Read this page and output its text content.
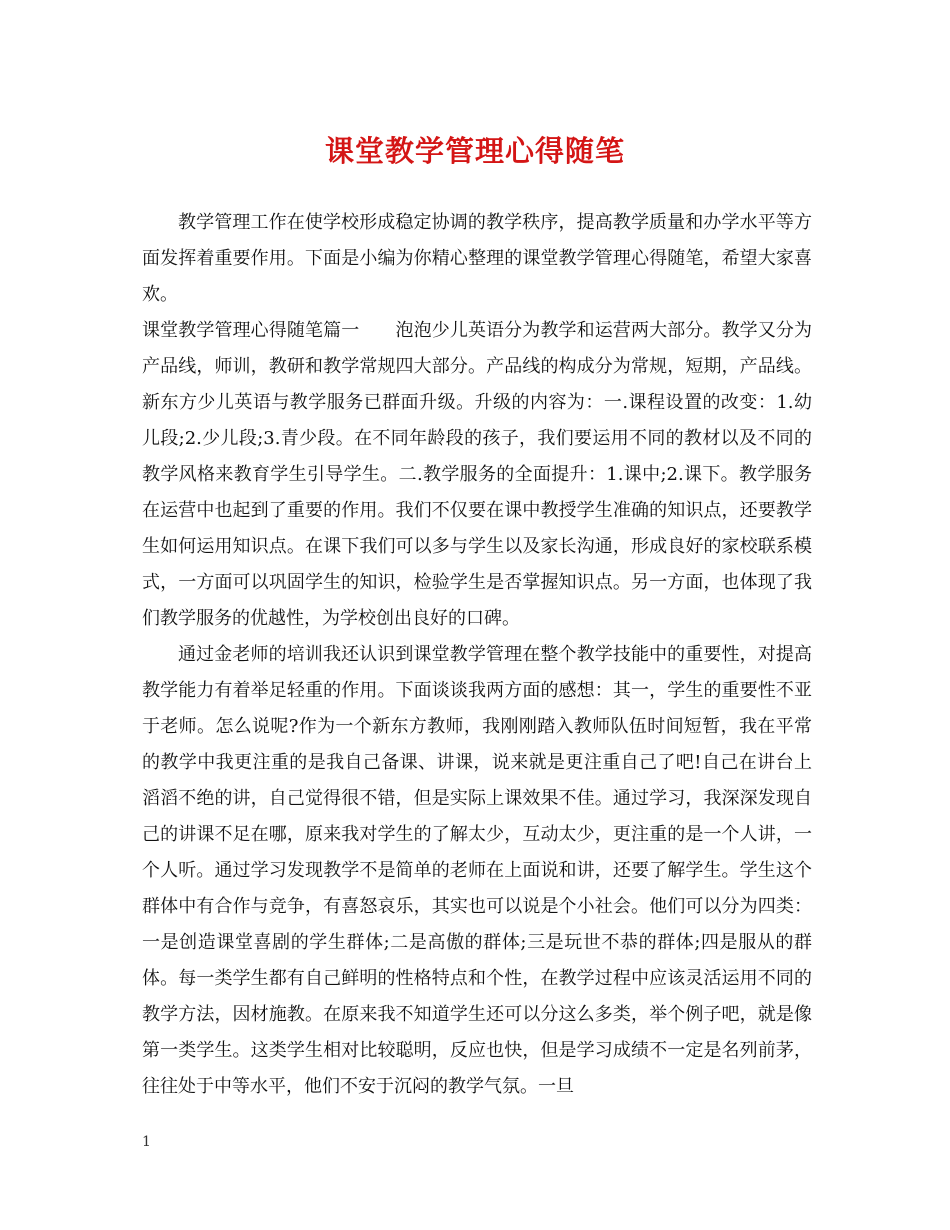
课堂教学管理心得随笔

教学管理工作在使学校形成稳定协调的教学秩序，提高教学质量和办学水平等方面发挥着重要作用。下面是小编为你精心整理的课堂教学管理心得随笔，希望大家喜欢。

课堂教学管理心得随笔篇一 泡泡少儿英语分为教学和运营两大部分。教学又分为产品线，师训，教研和教学常规四大部分。产品线的构成分为常规，短期，产品线。新东方少儿英语与教学服务已群面升级。升级的内容为：一.课程设置的改变：1.幼儿段;2.少儿段;3.青少段。在不同年龄段的孩子，我们要运用不同的教材以及不同的教学风格来教育学生引导学生。二.教学服务的全面提升：1.课中;2.课下。教学服务在运营中也起到了重要的作用。我们不仅要在课中教授学生准确的知识点，还要教学生如何运用知识点。在课下我们可以多与学生以及家长沟通，形成良好的家校联系模式，一方面可以巩固学生的知识，检验学生是否掌握知识点。另一方面，也体现了我们教学服务的优越性，为学校创出良好的口碑。

通过金老师的培训我还认识到课堂教学管理在整个教学技能中的重要性，对提高教学能力有着举足轻重的作用。下面谈谈我两方面的感想：其一，学生的重要性不亚于老师。怎么说呢?作为一个新东方教师，我刚刚踏入教师队伍时间短暂，我在平常的教学中我更注重的是我自己备课、讲课，说来就是更注重自己了吧!自己在讲台上滔滔不绝的讲，自己觉得很不错，但是实际上课效果不佳。通过学习，我深深发现自己的讲课不足在哪，原来我对学生的了解太少，互动太少，更注重的是一个人讲，一个人听。通过学习发现教学不是简单的老师在上面说和讲，还要了解学生。学生这个群体中有合作与竞争，有喜怒哀乐，其实也可以说是个小社会。他们可以分为四类：一是创造课堂喜剧的学生群体;二是高傲的群体;三是玩世不恭的群体;四是服从的群体。每一类学生都有自己鲜明的性格特点和个性，在教学过程中应该灵活运用不同的教学方法，因材施教。在原来我不知道学生还可以分这么多类，举个例子吧，就是像第一类学生。这类学生相对比较聪明，反应也快，但是学习成绩不一定是名列前茅，往往处于中等水平，他们不安于沉闷的教学气氛。一旦

1
